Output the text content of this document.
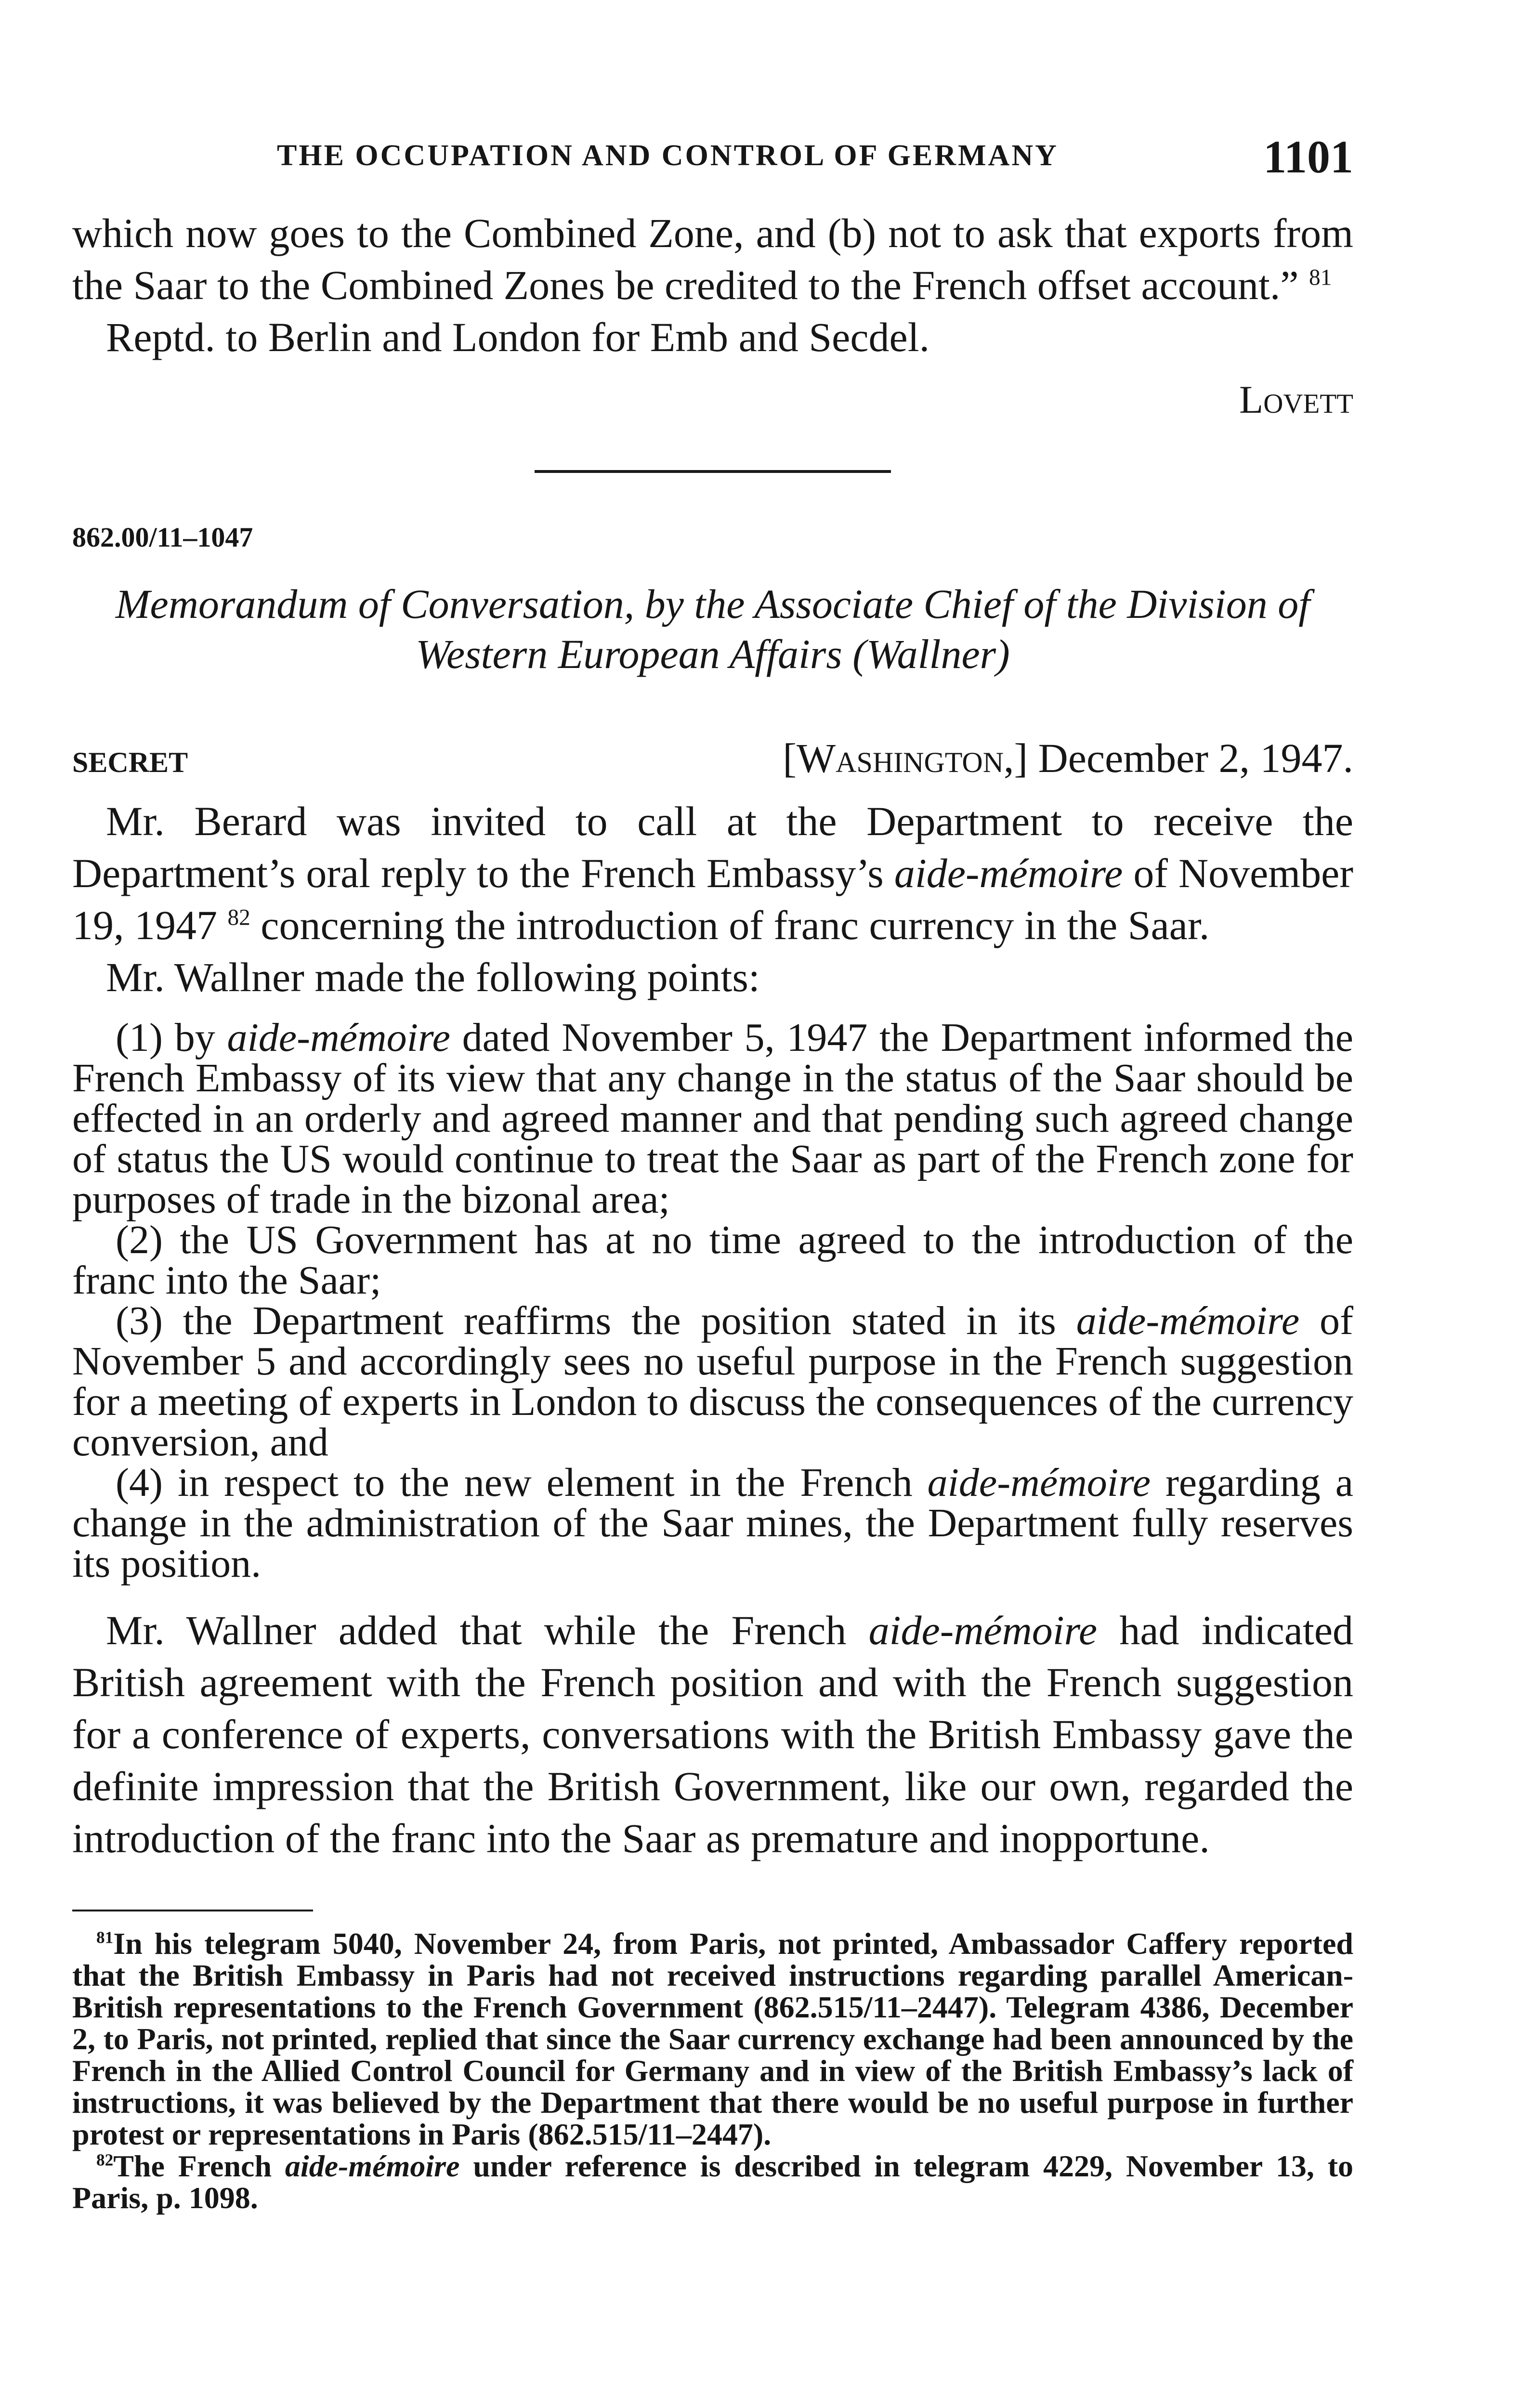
THE OCCUPATION AND CONTROL OF GERMANY	1101

which now goes to the Combined Zone, and (b) not to ask that exports from the Saar to the Combined Zones be credited to the French offset account.” $^{81}$

Reptd. to Berlin and London for Emb and Secdel.

Lovett

862.00/11–1047
Memorandum of Conversation, by the Associate Chief of the Division of Western European Affairs (Wallner)
SECRET	[Washington,] December 2, 1947.

Mr. Berard was invited to call at the Department to receive the Department’s oral reply to the French Embassy’s aide-mémoire of November 19, 1947 $^{82}$ concerning the introduction of franc currency in the Saar.

Mr. Wallner made the following points:

(1) by aide-mémoire dated November 5, 1947 the Department informed the French Embassy of its view that any change in the status of the Saar should be effected in an orderly and agreed manner and that pending such agreed change of status the US would continue to treat the Saar as part of the French zone for purposes of trade in the bizonal area;

(2) the US Government has at no time agreed to the introduction of the franc into the Saar;

(3) the Department reaffirms the position stated in its aide-mémoire of November 5 and accordingly sees no useful purpose in the French suggestion for a meeting of experts in London to discuss the consequences of the currency conversion, and

(4) in respect to the new element in the French aide-mémoire regarding a change in the administration of the Saar mines, the Department fully reserves its position.

Mr. Wallner added that while the French aide-mémoire had indicated British agreement with the French position and with the French suggestion for a conference of experts, conversations with the British Embassy gave the definite impression that the British Government, like our own, regarded the introduction of the franc into the Saar as premature and inopportune.

$^{81}$In his telegram 5040, November 24, from Paris, not printed, Ambassador Caffery reported that the British Embassy in Paris had not received instructions regarding parallel American-British representations to the French Government (862.515/11–2447). Telegram 4386, December 2, to Paris, not printed, replied that since the Saar currency exchange had been announced by the French in the Allied Control Council for Germany and in view of the British Embassy’s lack of instructions, it was believed by the Department that there would be no useful purpose in further protest or representations in Paris (862.515/11–2447).

$^{82}$The French aide-mémoire under reference is described in telegram 4229, November 13, to Paris, p. 1098.
